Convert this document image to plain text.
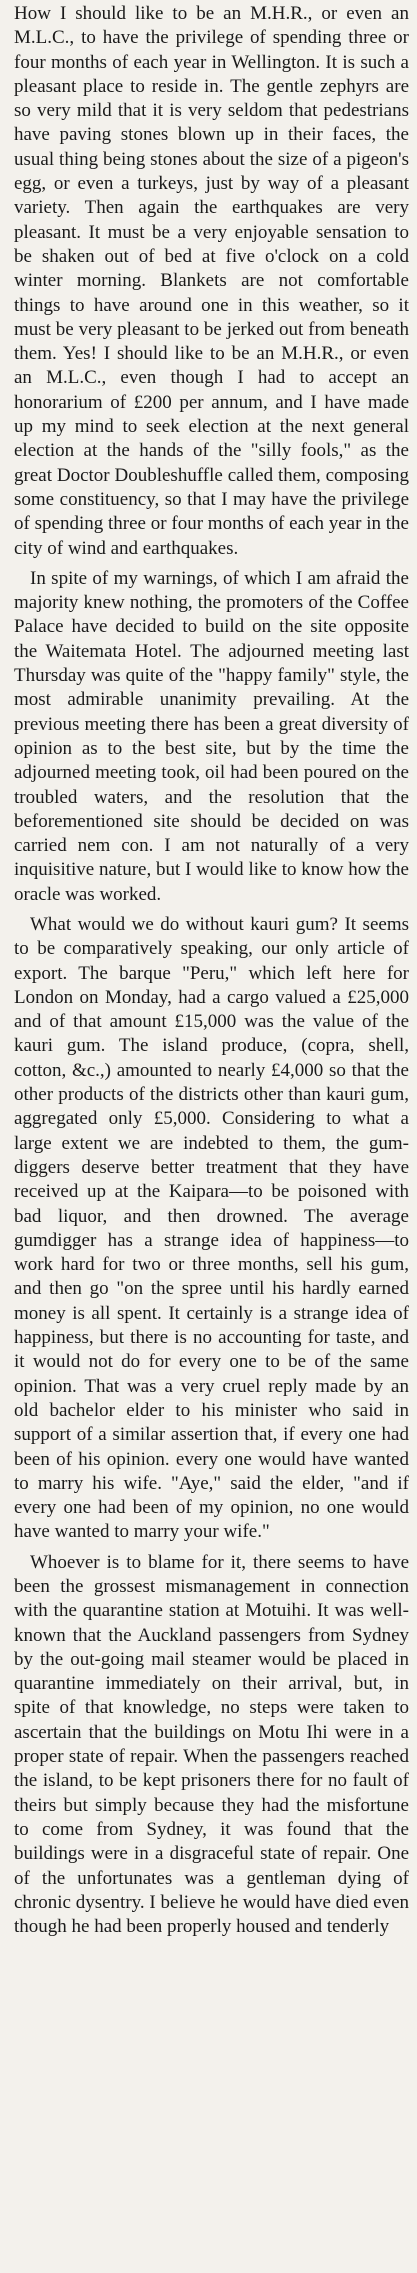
How I should like to be an M.H.R., or even an M.L.C., to have the privilege of spending three or four months of each year in Wellington. It is such a pleasant place to reside in. The gentle zephyrs are so very mild that it is very seldom that pedestrians have paving stones blown up in their faces, the usual thing being stones about the size of a pigeon's egg, or even a turkeys, just by way of a pleasant variety. Then again the earthquakes are very pleasant. It must be a very enjoyable sensation to be shaken out of bed at five o'clock on a cold winter morning. Blankets are not comfortable things to have around one in this weather, so it must be very pleasant to be jerked out from beneath them. Yes! I should like to be an M.H.R., or even an M.L.C., even though I had to accept an honorarium of £200 per annum, and I have made up my mind to seek election at the next general election at the hands of the "silly fools," as the great Doctor Doubleshuffle called them, composing some constituency, so that I may have the privilege of spending three or four months of each year in the city of wind and earthquakes.

In spite of my warnings, of which I am afraid the majority knew nothing, the promoters of the Coffee Palace have decided to build on the site opposite the Waitemata Hotel. The adjourned meeting last Thursday was quite of the "happy family" style, the most admirable unanimity prevailing. At the previous meeting there has been a great diversity of opinion as to the best site, but by the time the adjourned meeting took, oil had been poured on the troubled waters, and the resolution that the beforementioned site should be decided on was carried nem con. I am not naturally of a very inquisitive nature, but I would like to know how the oracle was worked.

What would we do without kauri gum? It seems to be comparatively speaking, our only article of export. The barque "Peru," which left here for London on Monday, had a cargo valued a £25,000 and of that amount £15,000 was the value of the kauri gum. The island produce, (copra, shell, cotton, &c.,) amounted to nearly £4,000 so that the other products of the districts other than kauri gum, aggregated only £5,000. Considering to what a large extent we are indebted to them, the gum-diggers deserve better treatment that they have received up at the Kaipara—to be poisoned with bad liquor, and then drowned. The average gumdigger has a strange idea of happiness—to work hard for two or three months, sell his gum, and then go "on the spree until his hardly earned money is all spent. It certainly is a strange idea of happiness, but there is no accounting for taste, and it would not do for every one to be of the same opinion. That was a very cruel reply made by an old bachelor elder to his minister who said in support of a similar assertion that, if every one had been of his opinion. every one would have wanted to marry his wife. "Aye," said the elder, "and if every one had been of my opinion, no one would have wanted to marry your wife."

Whoever is to blame for it, there seems to have been the grossest mismanagement in connection with the quarantine station at Motuihi. It was well-known that the Auckland passengers from Sydney by the out-going mail steamer would be placed in quarantine immediately on their arrival, but, in spite of that knowledge, no steps were taken to ascertain that the buildings on Motu Ihi were in a proper state of repair. When the passengers reached the island, to be kept prisoners there for no fault of theirs but simply because they had the misfortune to come from Sydney, it was found that the buildings were in a disgraceful state of repair. One of the unfortunates was a gentleman dying of chronic dysentry. I believe he would have died even though he had been properly housed and tenderly
